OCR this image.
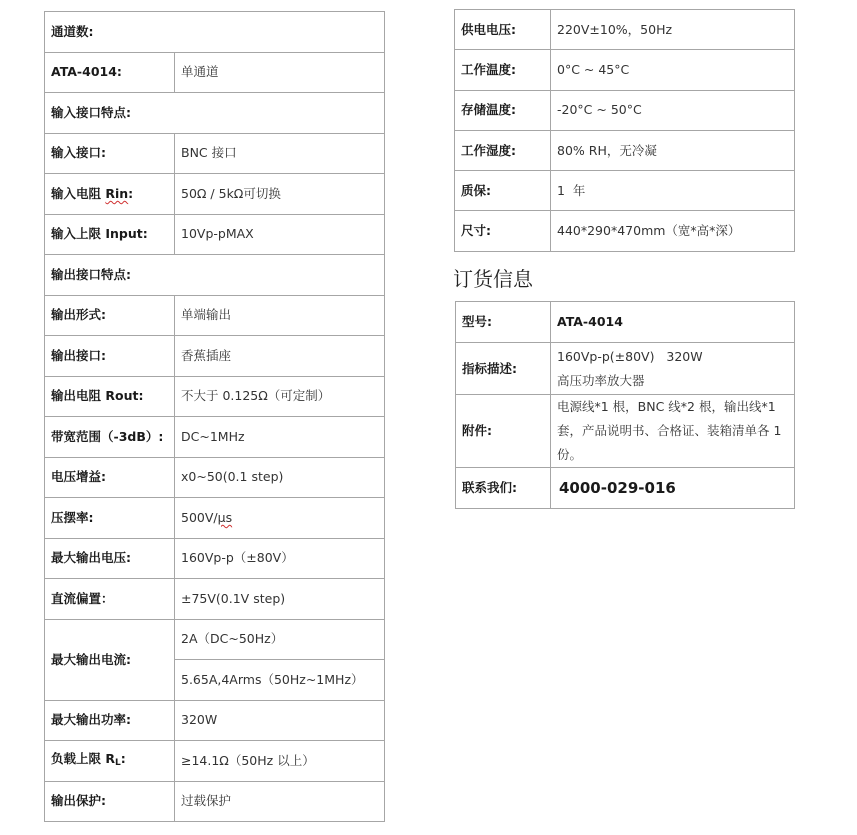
通道数:	
ATA-4014:	单通道
输入接口特点:	
输入接口:	BNC 接口
输入电阻 Rin:	50Ω / 5kΩ可切换
输入上限 Input:	10Vp-pMAX
输出接口特点:	
输出形式:	单端输出
输出接口:	香蕉插座
输出电阻 Rout:	不大于 0.125Ω（可定制）
带宽范围（-3dB）:	DC~1MHz
电压增益:	x0~50(0.1 step)
压摆率:	500V/μs
最大输出电压:	160Vp-p（±80V）
直流偏置：	±75V(0.1V step)
最大输出电流:	2A（DC~50Hz）
	5.65A,4Arms（50Hz~1MHz）
最大输出功率:	320W
负载上限 $R_L$:	≥14.1Ω（50Hz 以上）
输出保护:	过载保护
供电电压:	220V±10%，50Hz
工作温度:	0°C ~ 45°C
存储温度:	-20°C ~ 50°C
工作湿度:	80% RH，无冷凝
质保:	1  年
尺寸:	440*290*470mm（宽*高*深）
订货信息
型号:	ATA-4014
指标描述:	160Vp-p(±80V)   320W
高压功率放大器

附件:	电源线*1 根，BNC 线*2 根，输出线*1 套，产品说明书、合格证、装箱清单各 1 份。
联系我们:	4000-029-016
